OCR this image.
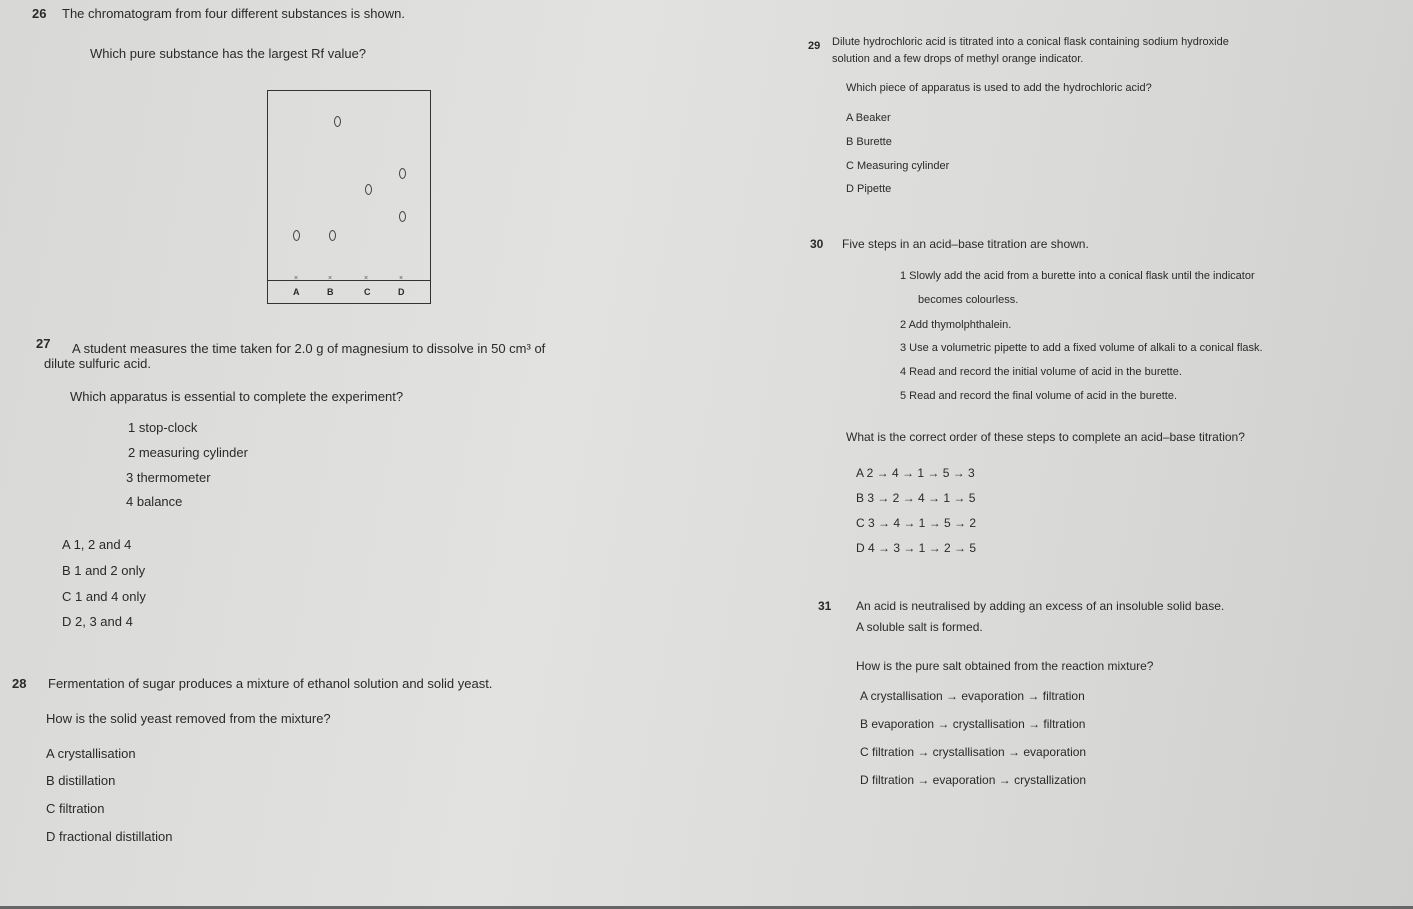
26 The chromatogram from four different substances is shown.
Which pure substance has the largest Rf value?
×	×	×	×
A	B	C	D
27 A student measures the time taken for 2.0 g of magnesium to dissolve in 50 cm³ of
dilute sulfuric acid.
Which apparatus is essential to complete the experiment?
1 stop-clock
2 measuring cylinder
3 thermometer
4 balance
A 1, 2 and 4
B 1 and 2 only
C 1 and 4 only
D 2, 3 and 4
28 Fermentation of sugar produces a mixture of ethanol solution and solid yeast.
How is the solid yeast removed from the mixture?
A crystallisation
B distillation
C filtration
D fractional distillation
29 Dilute hydrochloric acid is titrated into a conical flask containing sodium hydroxide
solution and a few drops of methyl orange indicator.
Which piece of apparatus is used to add the hydrochloric acid?
A Beaker
B Burette
C Measuring cylinder
D Pipette
30 Five steps in an acid–base titration are shown.
1 Slowly add the acid from a burette into a conical flask until the indicator
becomes colourless.
2 Add thymolphthalein.
3 Use a volumetric pipette to add a fixed volume of alkali to a conical flask.
4 Read and record the initial volume of acid in the burette.
5 Read and record the final volume of acid in the burette.
What is the correct order of these steps to complete an acid–base titration?
A 2 → 4 → 1 → 5 → 3
B 3 → 2 → 4 → 1 → 5
C 3 → 4 → 1 → 5 → 2
D 4 → 3 → 1 → 2 → 5
31 An acid is neutralised by adding an excess of an insoluble solid base.
A soluble salt is formed.
How is the pure salt obtained from the reaction mixture?
A crystallisation → evaporation → filtration
B evaporation → crystallisation → filtration
C filtration → crystallisation → evaporation
D filtration → evaporation → crystallization
